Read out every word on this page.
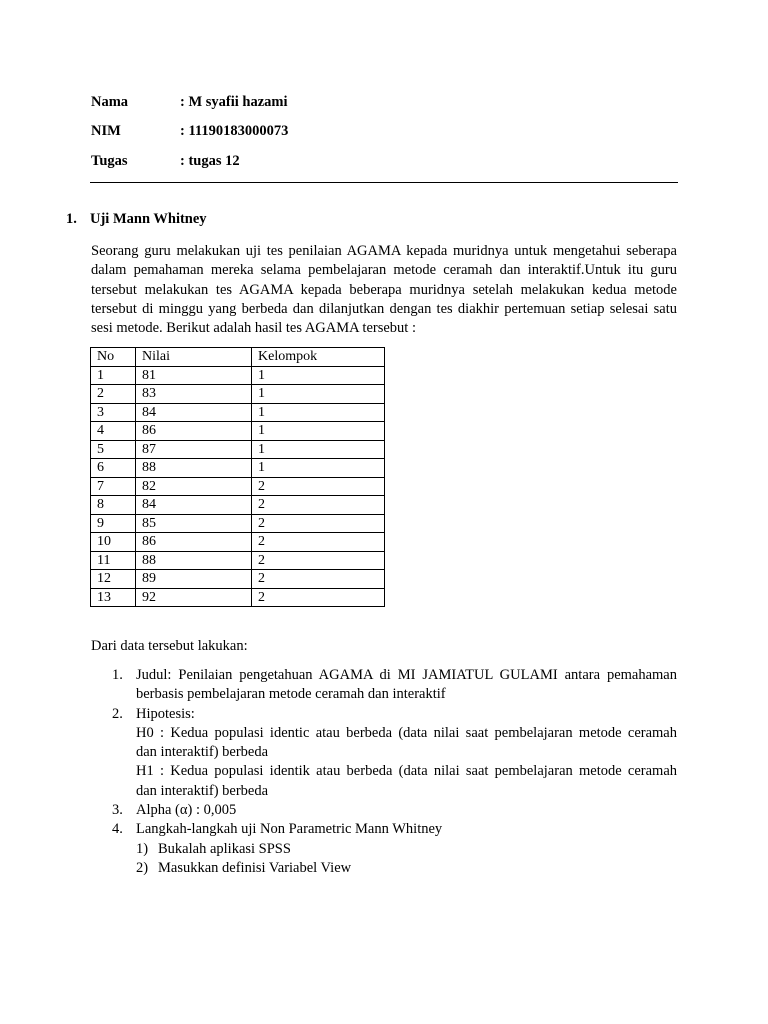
Nama	: M syafii hazami
NIM	: 11190183000073
Tugas	: tugas 12
1. Uji Mann Whitney
Seorang guru melakukan uji tes penilaian AGAMA kepada muridnya untuk mengetahui seberapa
dalam pemahaman mereka selama pembelajaran metode ceramah dan interaktif.Untuk itu guru
tersebut melakukan tes AGAMA kepada beberapa muridnya setelah melakukan kedua metode
tersebut di minggu yang berbeda dan dilanjutkan dengan tes diakhir pertemuan setiap selesai satu
sesi metode. Berikut adalah hasil tes AGAMA tersebut :
No	Nilai	Kelompok
1	81	1
2	83	1
3	84	1
4	86	1
5	87	1
6	88	1
7	82	2
8	84	2
9	85	2
10	86	2
11	88	2
12	89	2
13	92	2
Dari data tersebut lakukan:
1. Judul: Penilaian pengetahuan AGAMA di MI JAMIATUL GULAMI antara pemahaman
berbasis pembelajaran metode ceramah dan interaktif
2. Hipotesis:
H0 : Kedua populasi identic atau berbeda (data nilai saat pembelajaran metode ceramah
dan interaktif) berbeda
H1 : Kedua populasi identik atau berbeda (data nilai saat pembelajaran metode ceramah
dan interaktif) berbeda
3. Alpha (α) : 0,005
4. Langkah-langkah uji Non Parametric Mann Whitney
1) Bukalah aplikasi SPSS
2) Masukkan definisi Variabel View
